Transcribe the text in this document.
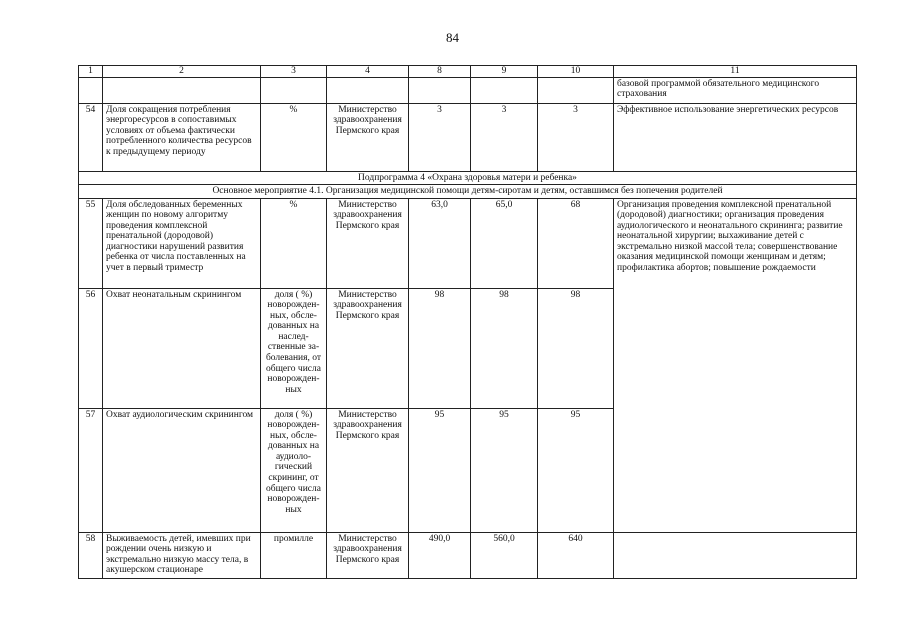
84
1	2	3	4	8	9	10	11
							базовой программой обязательного медицинского страхования
54	Доля сокращения потребления энергоресурсов в сопоставимых условиях от объема фактически потребленного количества ресурсов к предыдущему периоду	%	Министерство здравоохранения Пермского края	3	3	3	Эффективное использование энергетических ресурсов
Подпрограмма 4 «Охрана здоровья матери и ребенка»							
Основное мероприятие 4.1. Организация медицинской помощи детям-сиротам и детям, оставшимся без попечения родителей							
55	Доля обследованных беременных женщин по новому алгоритму проведения комплексной пренатальной (дородовой) диагностики нарушений развития ребенка от числа поставленных на учет в первый триместр	%	Министерство здравоохранения Пермского края	63,0	65,0	68	Организация проведения комплексной пренатальной (дородовой) диагностики; организация проведения аудиологического и неонатального скрининга; развитие неонатальной хирургии; выхаживание детей с экстремально низкой массой тела; совершенствование оказания медицинской помощи женщинам и детям; профилактика абортов; повышение рождаемости
56	Охват неонатальным скринингом	доля ( %) новорожден-ных, обсле-дованных на наслед-ственные за-болевания, от общего числа новорожден-ных	Министерство здравоохранения Пермского края	98	98	98	
57	Охват аудиологическим скринингом	доля ( %) новорожден-ных, обсле-дованных на аудиоло-гический скрининг, от общего числа новорожден-ных	Министерство здравоохранения Пермского края	95	95	95	
58	Выживаемость детей, имевших при рождении очень низкую и экстремально низкую массу тела, в акушерском стационаре	промилле	Министерство здравоохранения Пермского края	490,0	560,0	640	
